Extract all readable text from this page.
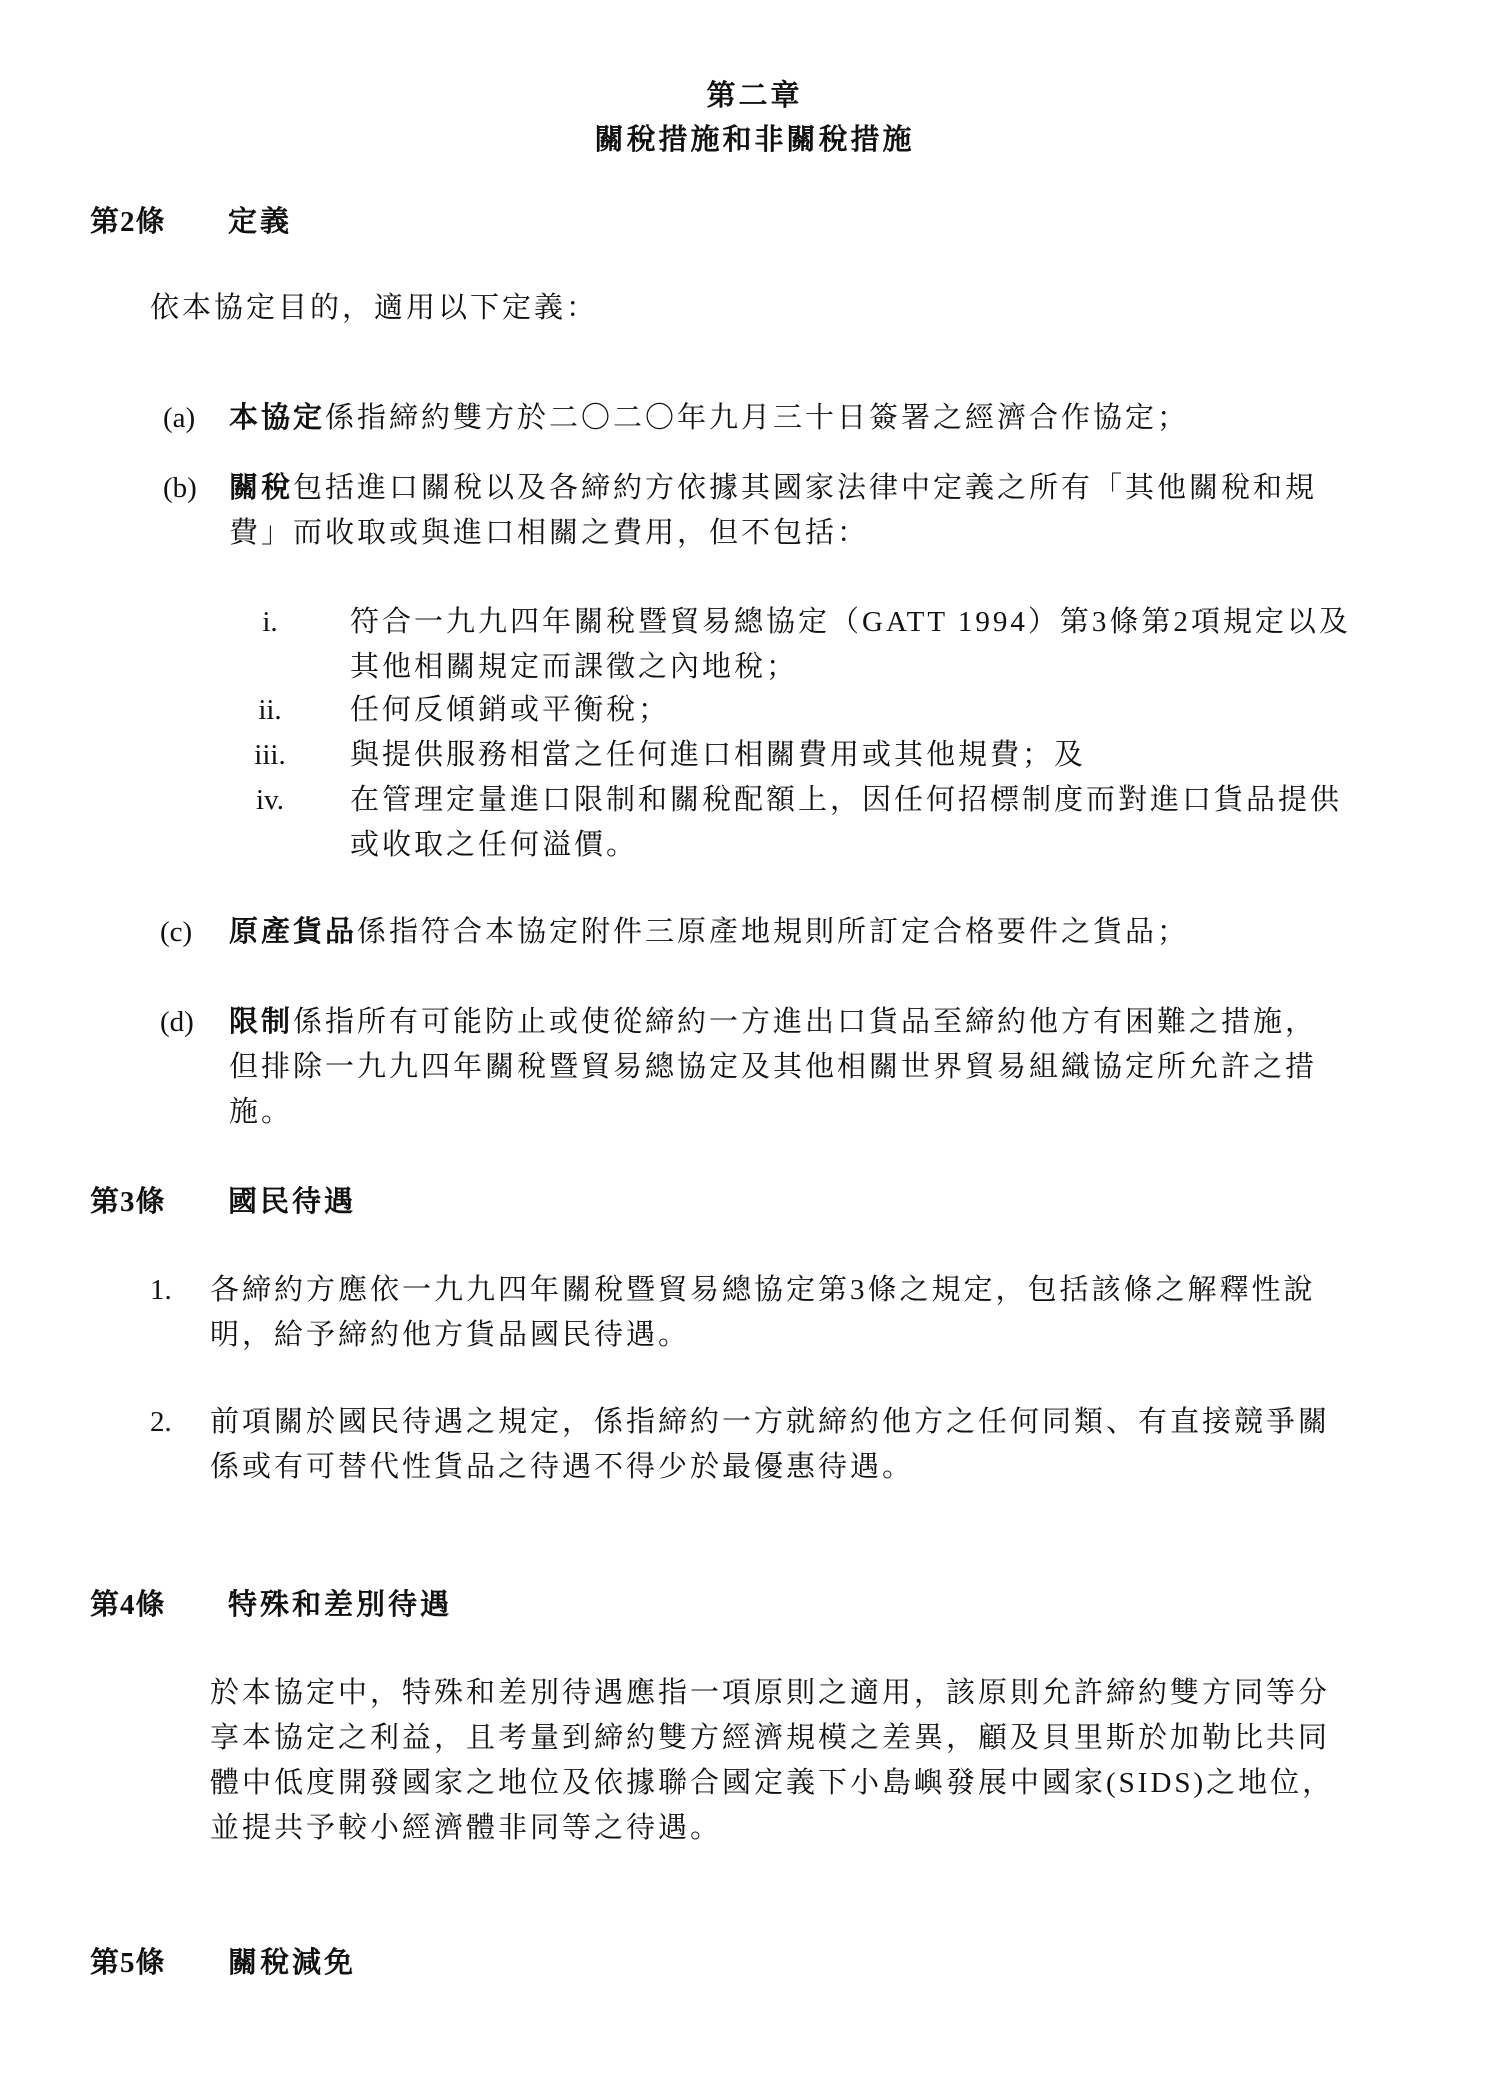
第二章
關稅措施和非關稅措施
第2條 定義
依本協定目的，適用以下定義：
(a) 本協定係指締約雙方於二〇二〇年九月三十日簽署之經濟合作協定；
(b) 關稅包括進口關稅以及各締約方依據其國家法律中定義之所有「其他關稅和規
費」而收取或與進口相關之費用，但不包括：
i.	符合一九九四年關稅暨貿易總協定（GATT 1994）第3條第2項規定以及
其他相關規定而課徵之內地稅；
ii.	任何反傾銷或平衡稅；
iii.	與提供服務相當之任何進口相關費用或其他規費；及
iv.	在管理定量進口限制和關稅配額上，因任何招標制度而對進口貨品提供
或收取之任何溢價。
(c) 原產貨品係指符合本協定附件三原產地規則所訂定合格要件之貨品；
(d) 限制係指所有可能防止或使從締約一方進出口貨品至締約他方有困難之措施，
但排除一九九四年關稅暨貿易總協定及其他相關世界貿易組織協定所允許之措
施。
第3條 國民待遇
1. 各締約方應依一九九四年關稅暨貿易總協定第3條之規定，包括該條之解釋性說
明，給予締約他方貨品國民待遇。
2. 前項關於國民待遇之規定，係指締約一方就締約他方之任何同類、有直接競爭關
係或有可替代性貨品之待遇不得少於最優惠待遇。
第4條 特殊和差別待遇
於本協定中，特殊和差別待遇應指一項原則之適用，該原則允許締約雙方同等分
享本協定之利益，且考量到締約雙方經濟規模之差異，顧及貝里斯於加勒比共同
體中低度開發國家之地位及依據聯合國定義下小島嶼發展中國家(SIDS)之地位，
並提共予較小經濟體非同等之待遇。
第5條 關稅減免
